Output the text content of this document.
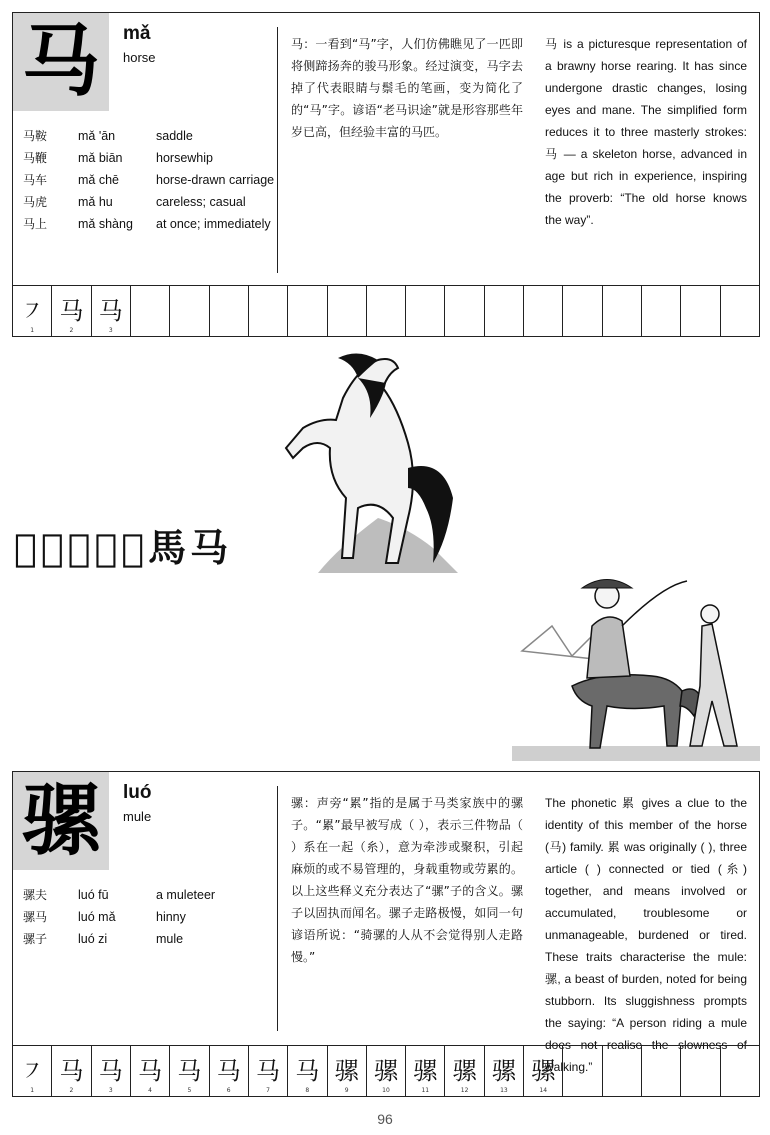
马 mǎ
horse
马鞍	mǎ 'ān	saddle
马鞭	mǎ biān	horsewhip
马车	mǎ chē	horse-drawn carriage
马虎	mǎ hu	careless; casual
马上	mǎ shàng	at once; immediately
马：一看到“马”字，人们仿佛瞧见了一匹即将侧蹄扬奔的骏马形象。经过演变，马字去掉了代表眼睛与鬃毛的笔画，变为简化了的“马”字。谚语“老马识途”就是形容那些年岁已高，但经验丰富的马匹。
马 is a picturesque representation of a brawny horse rearing. It has since undergone drastic changes, losing eyes and mane. The simplified form reduces it to three masterly strokes: 马 — a skeleton horse, advanced in age but rich in experience, inspiring the proverb: “The old horse knows the way”.
㇇
1
马
2
马
3
𢑚 𢑚 𢑚 𢑚 𢑚 馬 马
骡 luó
mule
骡夫	luó fū	a muleteer
骡马	luó mǎ	hinny
骡子	luó zi	mule
骡：声旁“累”指的是属于马类家族中的骡子。“累”最早被写成（ ），表示三件物品（ ）系在一起（糸），意为牵涉或聚积，引起麻烦的或不易管理的，身载重物或劳累的。以上这些释义充分表达了“骡”子的含义。骡子以固执而闻名。骡子走路极慢，如同一句谚语所说：“骑骡的人从不会觉得别人走路慢。”
The phonetic 累 gives a clue to the identity of this member of the horse (马) family. 累 was originally ( ), three article ( ) connected or tied (糸) together, and means involved or accumulated, troublesome or unmanageable, burdened or tired. These traits characterise the mule: 骡, a beast of burden, noted for being stubborn. Its sluggishness prompts the saying: “A person riding a mule does not realise the slowness of walking.”
㇇
1
马
2
马
3
马
4
马
5
马
6
马
7
马
8
骡
9
骡
10
骡
11
骡
12
骡
13
骡
14
96
